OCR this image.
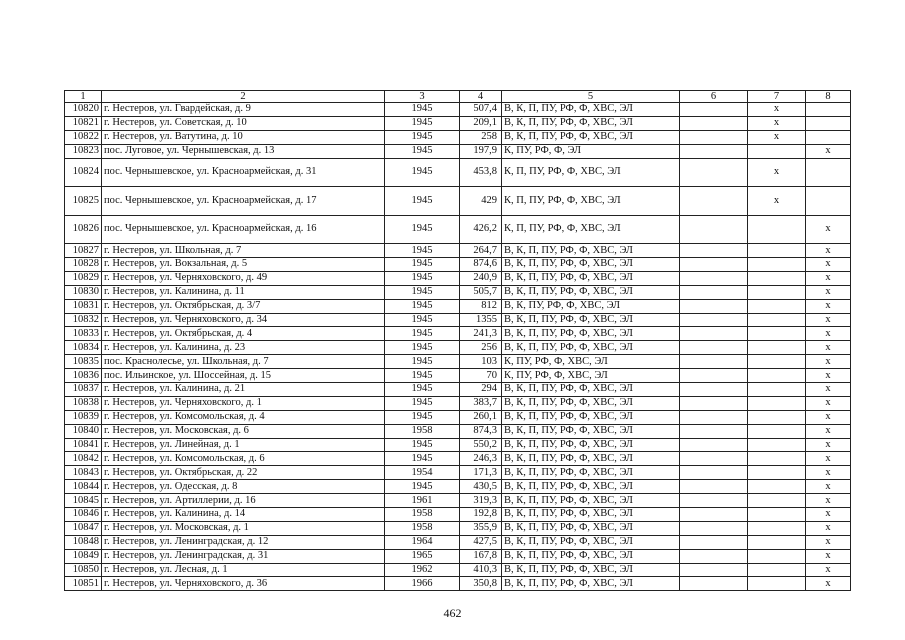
1	2	3	4	5	6	7	8
10820	г. Нестеров, ул. Гвардейская, д. 9	1945	507,4	В, К, П, ПУ, РФ, Ф, ХВС, ЭЛ		х	
10821	г. Нестеров, ул. Советская, д. 10	1945	209,1	В, К, П, ПУ, РФ, Ф, ХВС, ЭЛ		х	
10822	г. Нестеров, ул. Ватутина, д. 10	1945	258	В, К, П, ПУ, РФ, Ф, ХВС, ЭЛ		х	
10823	пос. Луговое, ул. Чернышевская, д. 13	1945	197,9	К, ПУ, РФ, Ф, ЭЛ			х
10824	пос. Чернышевское, ул. Красноармейская, д. 31	1945	453,8	К, П, ПУ, РФ, Ф, ХВС, ЭЛ		х	
10825	пос. Чернышевское, ул. Красноармейская, д. 17	1945	429	К, П, ПУ, РФ, Ф, ХВС, ЭЛ		х	
10826	пос. Чернышевское, ул. Красноармейская, д. 16	1945	426,2	К, П, ПУ, РФ, Ф, ХВС, ЭЛ			х
10827	г. Нестеров, ул. Школьная, д. 7	1945	264,7	В, К, П, ПУ, РФ, Ф, ХВС, ЭЛ			х
10828	г. Нестеров, ул. Вокзальная, д. 5	1945	874,6	В, К, П, ПУ, РФ, Ф, ХВС, ЭЛ			х
10829	г. Нестеров, ул. Черняховского, д. 49	1945	240,9	В, К, П, ПУ, РФ, Ф, ХВС, ЭЛ			х
10830	г. Нестеров, ул. Калинина, д. 11	1945	505,7	В, К, П, ПУ, РФ, Ф, ХВС, ЭЛ			х
10831	г. Нестеров, ул. Октябрьская, д. 3/7	1945	812	В, К, ПУ, РФ, Ф, ХВС, ЭЛ			х
10832	г. Нестеров, ул. Черняховского, д. 34	1945	1355	В, К, П, ПУ, РФ, Ф, ХВС, ЭЛ			х
10833	г. Нестеров, ул. Октябрьская, д. 4	1945	241,3	В, К, П, ПУ, РФ, Ф, ХВС, ЭЛ			х
10834	г. Нестеров, ул. Калинина, д. 23	1945	256	В, К, П, ПУ, РФ, Ф, ХВС, ЭЛ			х
10835	пос. Краснолесье, ул. Школьная, д. 7	1945	103	К, ПУ, РФ, Ф, ХВС, ЭЛ			х
10836	пос. Ильинское, ул. Шоссейная, д. 15	1945	70	К, ПУ, РФ, Ф, ХВС, ЭЛ			х
10837	г. Нестеров, ул. Калинина, д. 21	1945	294	В, К, П, ПУ, РФ, Ф, ХВС, ЭЛ			х
10838	г. Нестеров, ул. Черняховского, д. 1	1945	383,7	В, К, П, ПУ, РФ, Ф, ХВС, ЭЛ			х
10839	г. Нестеров, ул. Комсомольская, д. 4	1945	260,1	В, К, П, ПУ, РФ, Ф, ХВС, ЭЛ			х
10840	г. Нестеров, ул. Московская, д. 6	1958	874,3	В, К, П, ПУ, РФ, Ф, ХВС, ЭЛ			х
10841	г. Нестеров, ул. Линейная, д. 1	1945	550,2	В, К, П, ПУ, РФ, Ф, ХВС, ЭЛ			х
10842	г. Нестеров, ул. Комсомольская, д. 6	1945	246,3	В, К, П, ПУ, РФ, Ф, ХВС, ЭЛ			х
10843	г. Нестеров, ул. Октябрьская, д. 22	1954	171,3	В, К, П, ПУ, РФ, Ф, ХВС, ЭЛ			х
10844	г. Нестеров, ул. Одесская, д. 8	1945	430,5	В, К, П, ПУ, РФ, Ф, ХВС, ЭЛ			х
10845	г. Нестеров, ул. Артиллерии, д. 16	1961	319,3	В, К, П, ПУ, РФ, Ф, ХВС, ЭЛ			х
10846	г. Нестеров, ул. Калинина, д. 14	1958	192,8	В, К, П, ПУ, РФ, Ф, ХВС, ЭЛ			х
10847	г. Нестеров, ул. Московская, д. 1	1958	355,9	В, К, П, ПУ, РФ, Ф, ХВС, ЭЛ			х
10848	г. Нестеров, ул. Ленинградская, д. 12	1964	427,5	В, К, П, ПУ, РФ, Ф, ХВС, ЭЛ			х
10849	г. Нестеров, ул. Ленинградская, д. 31	1965	167,8	В, К, П, ПУ, РФ, Ф, ХВС, ЭЛ			х
10850	г. Нестеров, ул. Лесная, д. 1	1962	410,3	В, К, П, ПУ, РФ, Ф, ХВС, ЭЛ			х
10851	г. Нестеров, ул. Черняховского, д. 36	1966	350,8	В, К, П, ПУ, РФ, Ф, ХВС, ЭЛ			х
462
